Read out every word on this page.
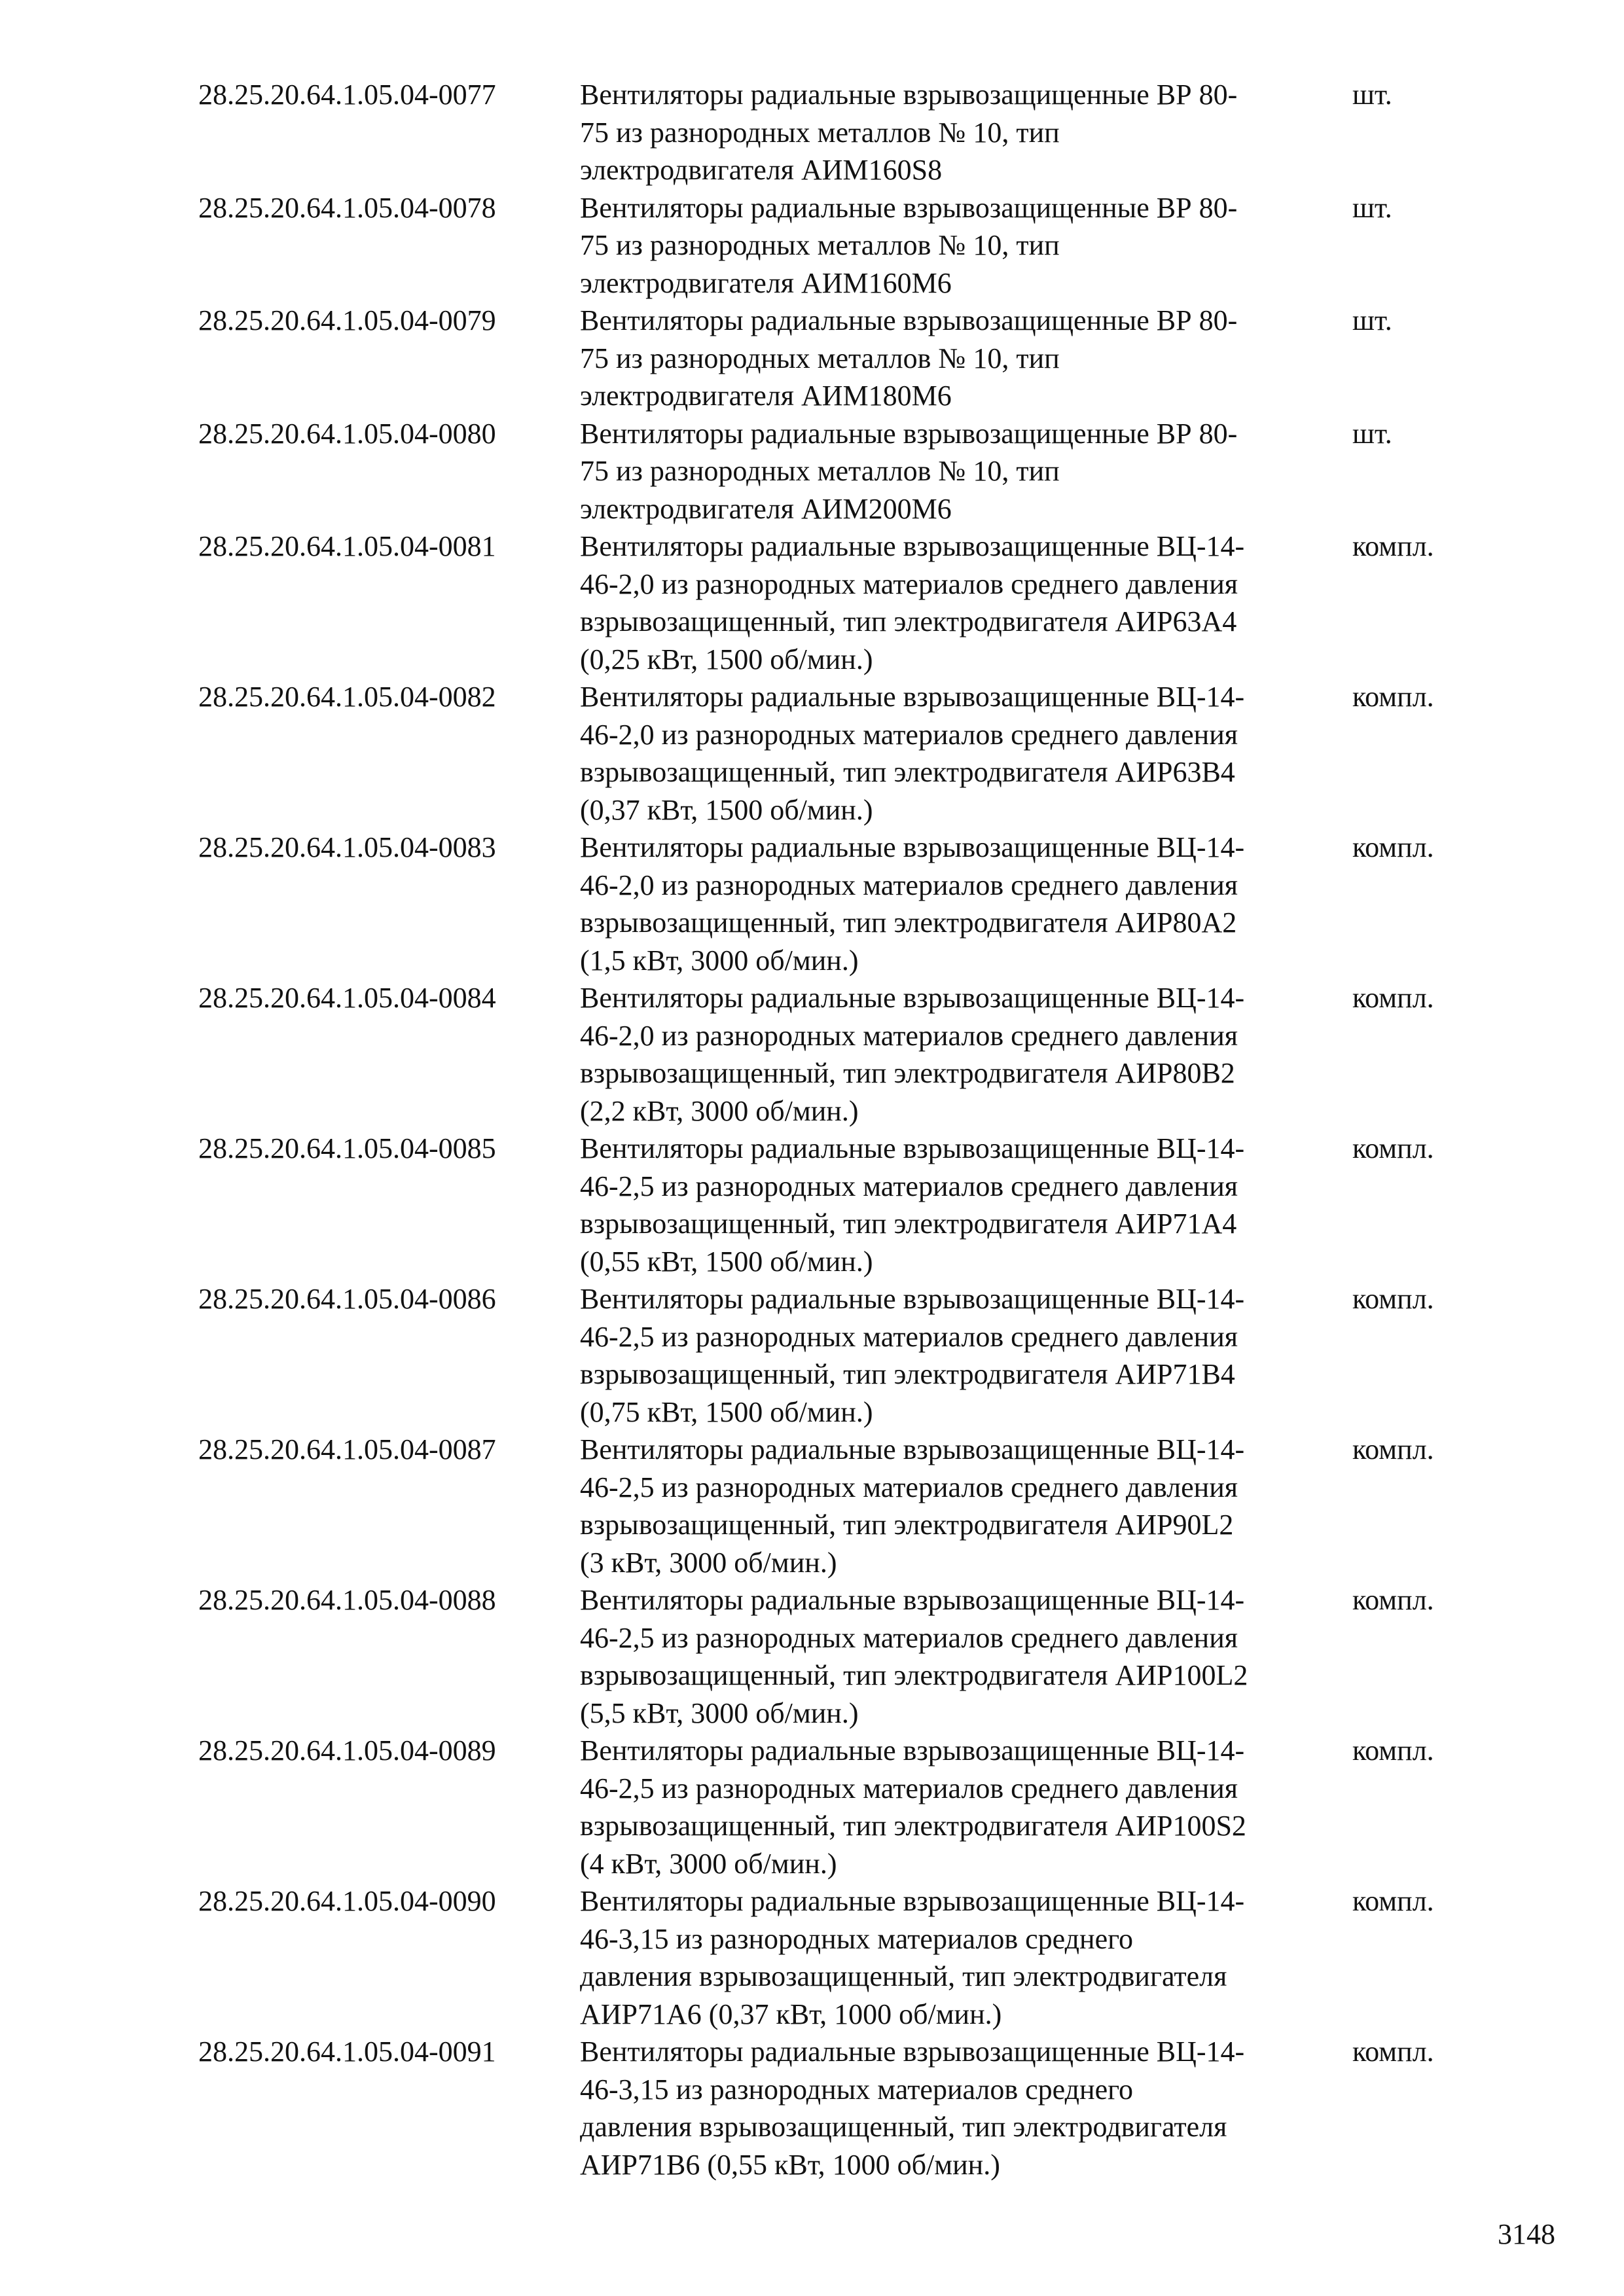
28.25.20.64.1.05.04-0077	Вентиляторы радиальные взрывозащищенные ВР 80-
75 из разнородных металлов № 10, тип
электродвигателя АИМ160S8
шт.
28.25.20.64.1.05.04-0078	Вентиляторы радиальные взрывозащищенные ВР 80-
75 из разнородных металлов № 10, тип
электродвигателя АИМ160М6
шт.
28.25.20.64.1.05.04-0079	Вентиляторы радиальные взрывозащищенные ВР 80-
75 из разнородных металлов № 10, тип
электродвигателя АИМ180М6
шт.
28.25.20.64.1.05.04-0080	Вентиляторы радиальные взрывозащищенные ВР 80-
75 из разнородных металлов № 10, тип
электродвигателя АИМ200М6
шт.
28.25.20.64.1.05.04-0081	Вентиляторы радиальные взрывозащищенные ВЦ-14-
46-2,0 из разнородных материалов среднего давления
взрывозащищенный, тип электродвигателя АИР63А4
(0,25 кВт, 1500 об/мин.)
компл.
28.25.20.64.1.05.04-0082	Вентиляторы радиальные взрывозащищенные ВЦ-14-
46-2,0 из разнородных материалов среднего давления
взрывозащищенный, тип электродвигателя АИР63В4
(0,37 кВт, 1500 об/мин.)
компл.
28.25.20.64.1.05.04-0083	Вентиляторы радиальные взрывозащищенные ВЦ-14-
46-2,0 из разнородных материалов среднего давления
взрывозащищенный, тип электродвигателя АИР80А2
(1,5 кВт, 3000 об/мин.)
компл.
28.25.20.64.1.05.04-0084	Вентиляторы радиальные взрывозащищенные ВЦ-14-
46-2,0 из разнородных материалов среднего давления
взрывозащищенный, тип электродвигателя АИР80В2
(2,2 кВт, 3000 об/мин.)
компл.
28.25.20.64.1.05.04-0085	Вентиляторы радиальные взрывозащищенные ВЦ-14-
46-2,5 из разнородных материалов среднего давления
взрывозащищенный, тип электродвигателя АИР71А4
(0,55 кВт, 1500 об/мин.)
компл.
28.25.20.64.1.05.04-0086	Вентиляторы радиальные взрывозащищенные ВЦ-14-
46-2,5 из разнородных материалов среднего давления
взрывозащищенный, тип электродвигателя АИР71В4
(0,75 кВт, 1500 об/мин.)
компл.
28.25.20.64.1.05.04-0087	Вентиляторы радиальные взрывозащищенные ВЦ-14-
46-2,5 из разнородных материалов среднего давления
взрывозащищенный, тип электродвигателя АИР90L2
(3 кВт, 3000 об/мин.)
компл.
28.25.20.64.1.05.04-0088	Вентиляторы радиальные взрывозащищенные ВЦ-14-
46-2,5 из разнородных материалов среднего давления
взрывозащищенный, тип электродвигателя АИР100L2
(5,5 кВт, 3000 об/мин.)
компл.
28.25.20.64.1.05.04-0089	Вентиляторы радиальные взрывозащищенные ВЦ-14-
46-2,5 из разнородных материалов среднего давления
взрывозащищенный, тип электродвигателя АИР100S2
(4 кВт, 3000 об/мин.)
компл.
28.25.20.64.1.05.04-0090	Вентиляторы радиальные взрывозащищенные ВЦ-14-
46-3,15 из разнородных материалов среднего
давления взрывозащищенный, тип электродвигателя
АИР71А6 (0,37 кВт, 1000 об/мин.)
компл.
28.25.20.64.1.05.04-0091	Вентиляторы радиальные взрывозащищенные ВЦ-14-
46-3,15 из разнородных материалов среднего
давления взрывозащищенный, тип электродвигателя
АИР71В6 (0,55 кВт, 1000 об/мин.)
компл.
3148
